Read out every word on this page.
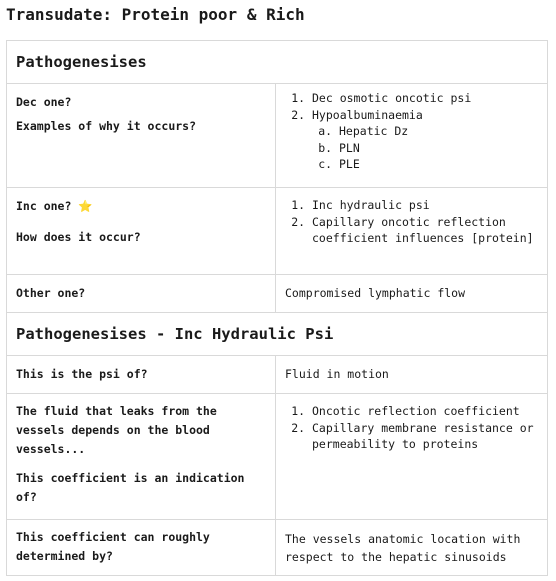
Transudate: Protein poor & Rich
Pathogenesises
Dec one?
Examples of why it occurs?
1. Dec osmotic oncotic psi
2. Hypoalbuminaemia
a. Hepatic Dz
b. PLN
c. PLE
Inc one? ⭐
How does it occur?
1. Inc hydraulic psi
2. Capillary oncotic reflection coefficient influences [protein]
Other one?	Compromised lymphatic flow
Pathogenesises - Inc Hydraulic Psi
This is the psi of?	Fluid in motion
The fluid that leaks from the vessels depends on the blood vessels...
This coefficient is an indication of?
1. Oncotic reflection coefficient
2. Capillary membrane resistance or permeability to proteins
This coefficient can roughly determined by?
The vessels anatomic location with respect to the hepatic sinusoids
